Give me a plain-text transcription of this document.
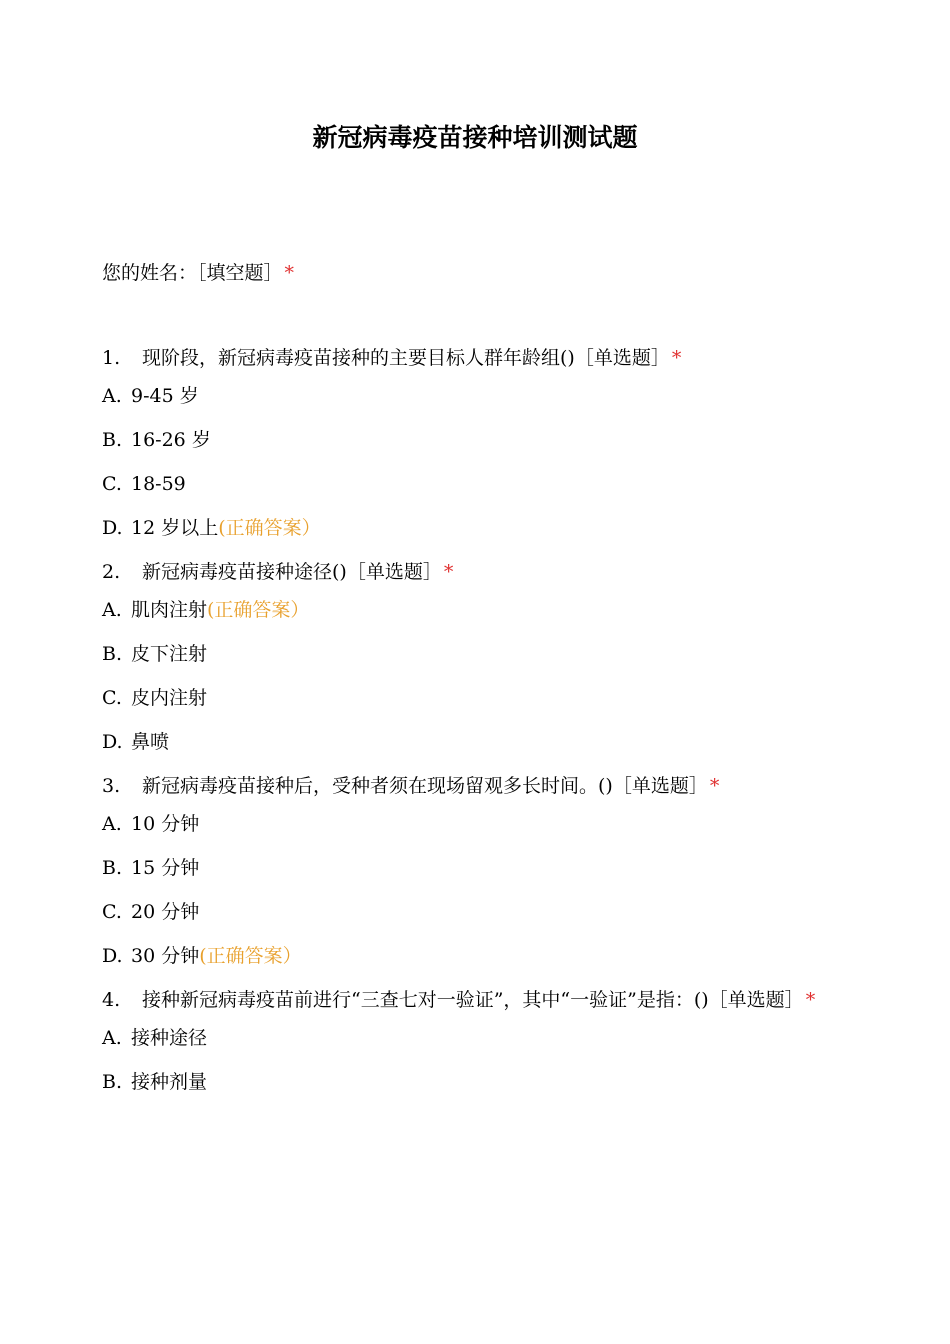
新冠病毒疫苗接种培训测试题
您的姓名：［填空题］ *
1. 现阶段，新冠病毒疫苗接种的主要目标人群年龄组()［单选题］ *
A. 9-45 岁
B. 16-26 岁
C. 18-59
D. 12 岁以上(正确答案）
2. 新冠病毒疫苗接种途径()［单选题］ *
A. 肌肉注射(正确答案）
B. 皮下注射
C. 皮内注射
D. 鼻喷
3. 新冠病毒疫苗接种后，受种者须在现场留观多长时间。()［单选题］ *
A. 10 分钟
B. 15 分钟
C. 20 分钟
D. 30 分钟(正确答案）
4. 接种新冠病毒疫苗前进行“三查七对一验证”，其中“一验证”是指：()［单选题］ *
A. 接种途径
B. 接种剂量
